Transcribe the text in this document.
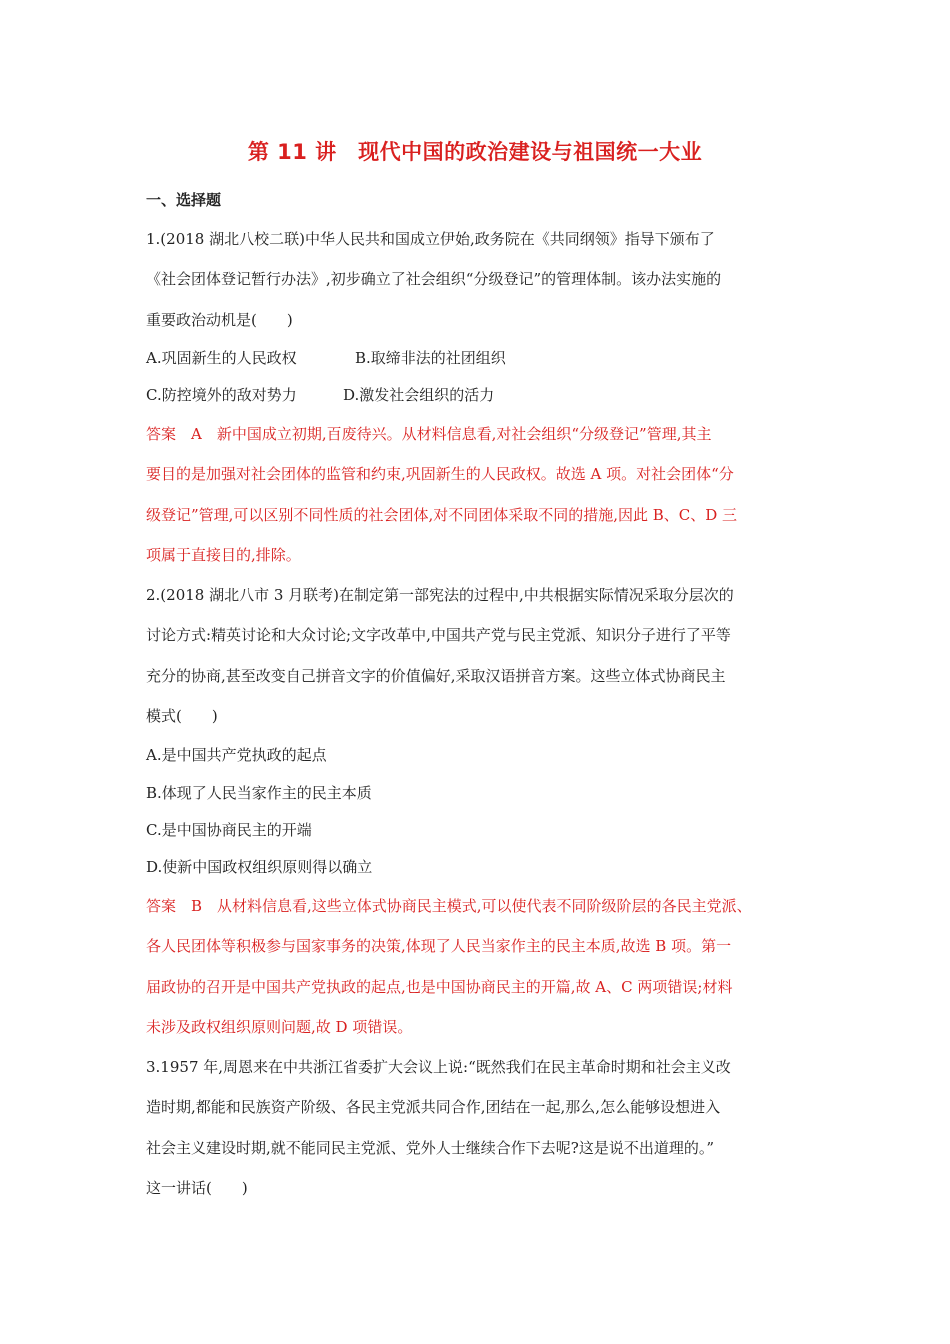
第 11 讲　现代中国的政治建设与祖国统一大业
一、选择题
1.(2018 湖北八校二联)中华人民共和国成立伊始,政务院在《共同纲领》指导下颁布了
《社会团体登记暂行办法》,初步确立了社会组织“分级登记”的管理体制。该办法实施的
重要政治动机是(　　)
A.巩固新生的人民政权	B.取缔非法的社团组织
C.防控境外的敌对势力	D.激发社会组织的活力
答案　A　新中国成立初期,百废待兴。从材料信息看,对社会组织“分级登记”管理,其主
要目的是加强对社会团体的监管和约束,巩固新生的人民政权。故选 A 项。对社会团体“分
级登记”管理,可以区别不同性质的社会团体,对不同团体采取不同的措施,因此 B、C、D 三
项属于直接目的,排除。
2.(2018 湖北八市 3 月联考)在制定第一部宪法的过程中,中共根据实际情况采取分层次的
讨论方式:精英讨论和大众讨论;文字改革中,中国共产党与民主党派、知识分子进行了平等
充分的协商,甚至改变自己拼音文字的价值偏好,采取汉语拼音方案。这些立体式协商民主
模式(　　)
A.是中国共产党执政的起点
B.体现了人民当家作主的民主本质
C.是中国协商民主的开端
D.使新中国政权组织原则得以确立
答案　B　从材料信息看,这些立体式协商民主模式,可以使代表不同阶级阶层的各民主党派、
各人民团体等积极参与国家事务的决策,体现了人民当家作主的民主本质,故选 B 项。第一
届政协的召开是中国共产党执政的起点,也是中国协商民主的开篇,故 A、C 两项错误;材料
未涉及政权组织原则问题,故 D 项错误。
3.1957 年,周恩来在中共浙江省委扩大会议上说:“既然我们在民主革命时期和社会主义改
造时期,都能和民族资产阶级、各民主党派共同合作,团结在一起,那么,怎么能够设想进入
社会主义建设时期,就不能同民主党派、党外人士继续合作下去呢?这是说不出道理的。”
这一讲话(　　)
